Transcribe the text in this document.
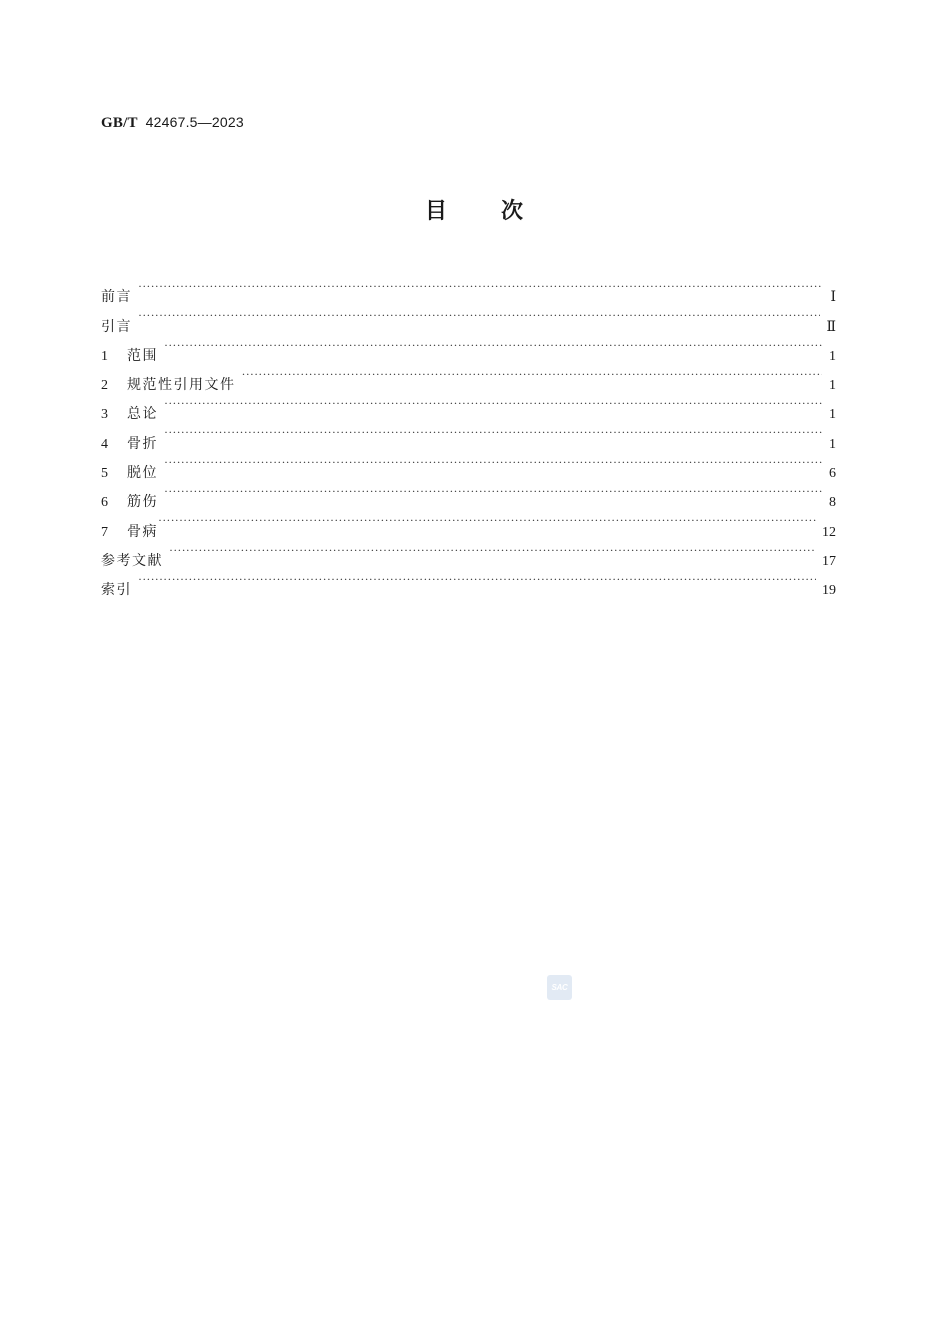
GB/T 42467.5—2023
目 次
前言 ·····	Ⅰ
引言 ·····	Ⅱ
1	范围 ·····	1
2	规范性引用文件 ·····	1
3	总论 ·····	1
4	骨折 ·····	1
5	脱位 ·····	6
6	筋伤 ·····	8
7	骨病 ·····	12
参考文献 ·····	17
索引 ·····	19
SAC
